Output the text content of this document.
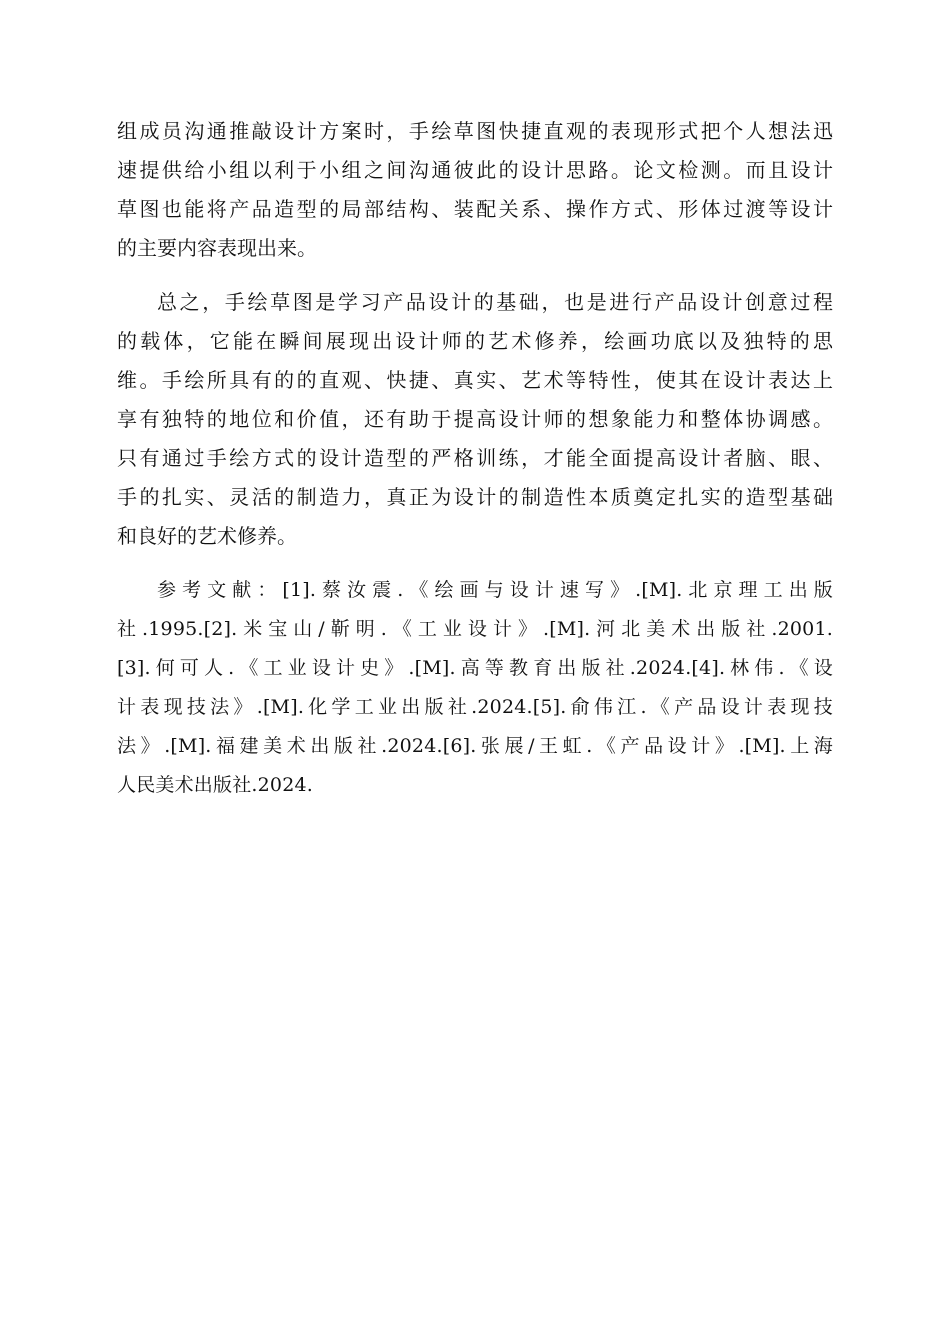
组成员沟通推敲设计方案时，手绘草图快捷直观的表现形式把个人想法迅
速提供给小组以利于小组之间沟通彼此的设计思路。论文检测。而且设计
草图也能将产品造型的局部结构、装配关系、操作方式、形体过渡等设计
的主要内容表现出来。
总之，手绘草图是学习产品设计的基础，也是进行产品设计创意过程
的载体，它能在瞬间展现出设计师的艺术修养，绘画功底以及独特的思
维。手绘所具有的的直观、快捷、真实、艺术等特性，使其在设计表达上
享有独特的地位和价值，还有助于提高设计师的想象能力和整体协调感。
只有通过手绘方式的设计造型的严格训练，才能全面提高设计者脑、眼、
手的扎实、灵活的制造力，真正为设计的制造性本质奠定扎实的造型基础
和良好的艺术修养。
参考文献：[1].蔡汝震.《绘画与设计速写》.[M].北京理工出版
社.1995.[2].米宝山/靳明.《工业设计》.[M].河北美术出版社.2001.
[3].何可人.《工业设计史》.[M].高等教育出版社.2024.[4].林伟.《设
计表现技法》.[M].化学工业出版社.2024.[5].俞伟江.《产品设计表现技
法》.[M].福建美术出版社.2024.[6].张展/王虹.《产品设计》.[M].上海
人民美术出版社.2024.
